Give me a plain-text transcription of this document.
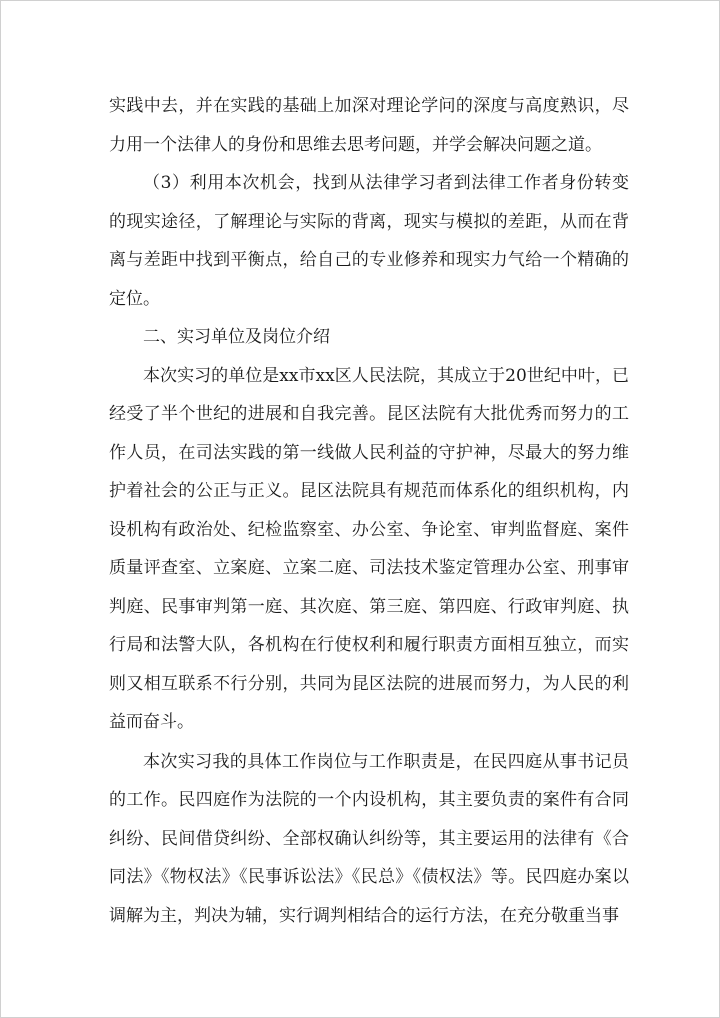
实践中去，并在实践的基础上加深对理论学问的深度与高度熟识，尽力用一个法律人的身份和思维去思考问题，并学会解决问题之道。

（3）利用本次机会，找到从法律学习者到法律工作者身份转变的现实途径，了解理论与实际的背离，现实与模拟的差距，从而在背离与差距中找到平衡点，给自己的专业修养和现实力气给一个精确的定位。

二、实习单位及岗位介绍

本次实习的单位是xx市xx区人民法院，其成立于20世纪中叶，已经受了半个世纪的进展和自我完善。昆区法院有大批优秀而努力的工作人员，在司法实践的第一线做人民利益的守护神，尽最大的努力维护着社会的公正与正义。昆区法院具有规范而体系化的组织机构，内设机构有政治处、纪检监察室、办公室、争论室、审判监督庭、案件质量评查室、立案庭、立案二庭、司法技术鉴定管理办公室、刑事审判庭、民事审判第一庭、其次庭、第三庭、第四庭、行政审判庭、执行局和法警大队，各机构在行使权利和履行职责方面相互独立，而实则又相互联系不行分别，共同为昆区法院的进展而努力，为人民的利益而奋斗。

本次实习我的具体工作岗位与工作职责是，在民四庭从事书记员的工作。民四庭作为法院的一个内设机构，其主要负责的案件有合同纠纷、民间借贷纠纷、全部权确认纠纷等，其主要运用的法律有《合同法》《物权法》《民事诉讼法》《民总》《债权法》等。民四庭办案以调解为主，判决为辅，实行调判相结合的运行方法，在充分敬重当事
